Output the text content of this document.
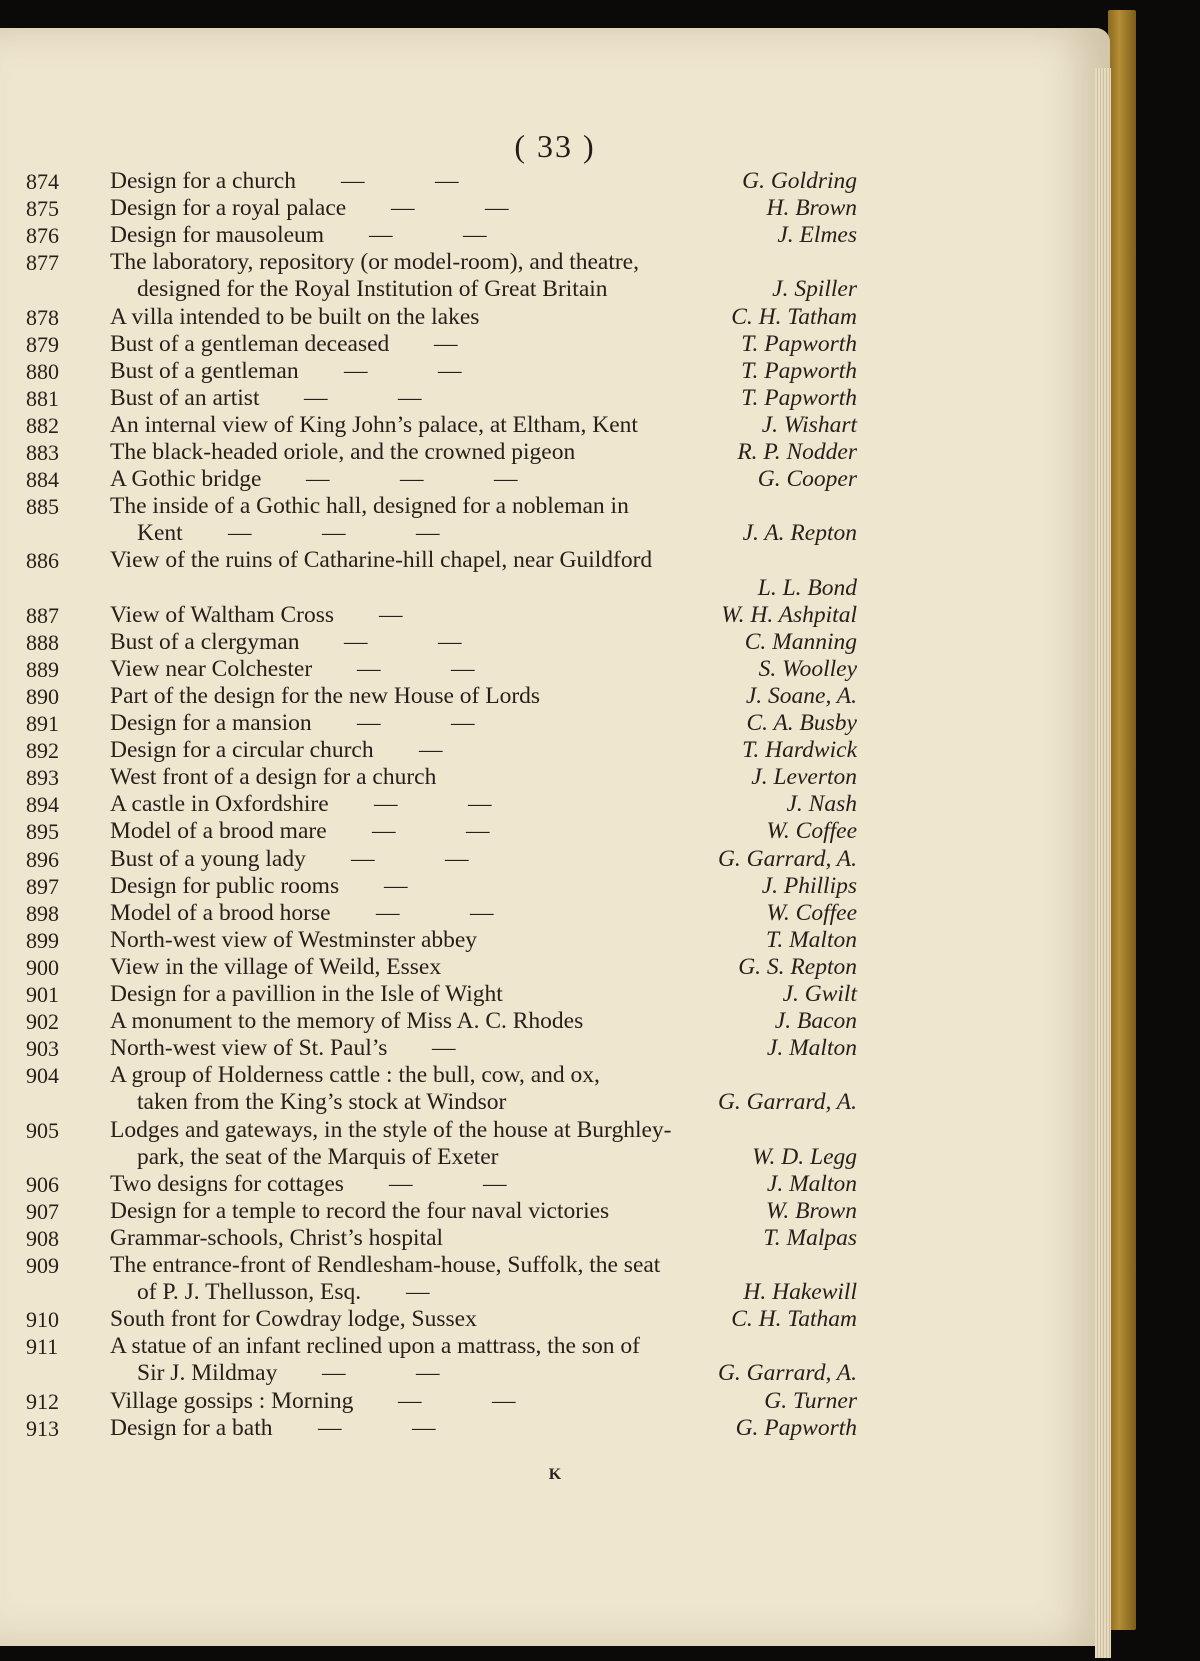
( 33 )
874 Design for a church —   —	G. Goldring
875 Design for a royal palace —   —	H. Brown
876 Design for mausoleum —   —	J. Elmes
877 The laboratory, repository (or model-room), and theatre,
designed for the Royal Institution of Great Britain	J. Spiller
878 A villa intended to be built on the lakes	C. H. Tatham
879 Bust of a gentleman deceased —	T. Papworth
880 Bust of a gentleman —   —	T. Papworth
881 Bust of an artist —   —	T. Papworth
882 An internal view of King John’s palace, at Eltham, Kent	J. Wishart
883 The black-headed oriole, and the crowned pigeon	R. P. Nodder
884 A Gothic bridge —   —   —	G. Cooper
885 The inside of a Gothic hall, designed for a nobleman in
Kent —   —   —	J. A. Repton
886 View of the ruins of Catharine-hill chapel, near Guildford
L. L. Bond
887 View of Waltham Cross —	W. H. Ashpital
888 Bust of a clergyman —   —	C. Manning
889 View near Colchester —   —	S. Woolley
890 Part of the design for the new House of Lords	J. Soane, A.
891 Design for a mansion —   —	C. A. Busby
892 Design for a circular church —	T. Hardwick
893 West front of a design for a church	J. Leverton
894 A castle in Oxfordshire —   —	J. Nash
895 Model of a brood mare —   —	W. Coffee
896 Bust of a young lady —   —	G. Garrard, A.
897 Design for public rooms —	J. Phillips
898 Model of a brood horse —   —	W. Coffee
899 North-west view of Westminster abbey	T. Malton
900 View in the village of Weild, Essex	G. S. Repton
901 Design for a pavillion in the Isle of Wight	J. Gwilt
902 A monument to the memory of Miss A. C. Rhodes	J. Bacon
903 North-west view of St. Paul’s —	J. Malton
904 A group of Holderness cattle : the bull, cow, and ox,
taken from the King’s stock at Windsor	G. Garrard, A.
905 Lodges and gateways, in the style of the house at Burghley-
park, the seat of the Marquis of Exeter	W. D. Legg
906 Two designs for cottages —   —	J. Malton
907 Design for a temple to record the four naval victories	W. Brown
908 Grammar-schools, Christ’s hospital	T. Malpas
909 The entrance-front of Rendlesham-house, Suffolk, the seat
of P. J. Thellusson, Esq. —	H. Hakewill
910 South front for Cowdray lodge, Sussex	C. H. Tatham
911 A statue of an infant reclined upon a mattrass, the son of
Sir J. Mildmay —   —	G. Garrard, A.
912 Village gossips : Morning —   —	G. Turner
913 Design for a bath —   —	G. Papworth
K
